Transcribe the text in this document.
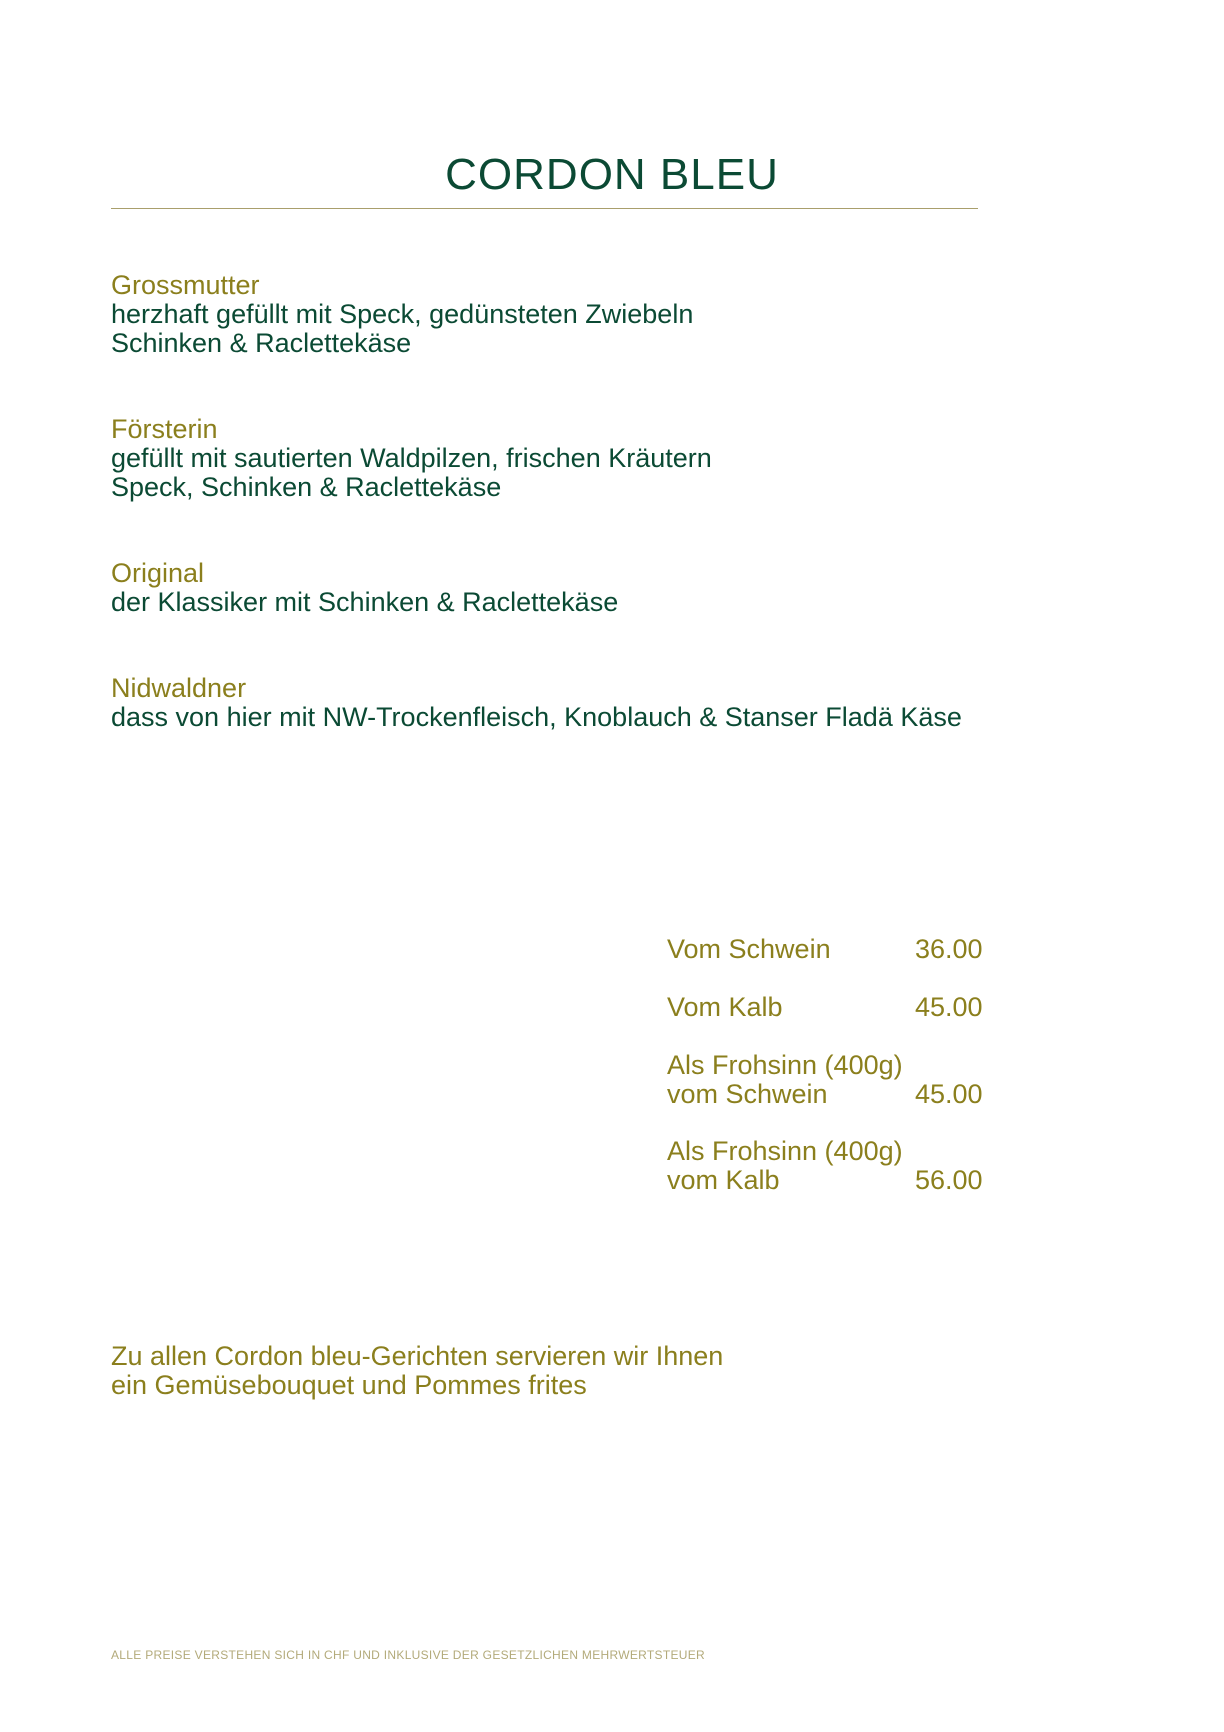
CORDON BLEU
Grossmutter
herzhaft gefüllt mit Speck, gedünsteten Zwiebeln
Schinken & Raclettekäse
Försterin
gefüllt mit sautierten Waldpilzen, frischen Kräutern
Speck, Schinken & Raclettekäse
Original
der Klassiker mit Schinken & Raclettekäse
Nidwaldner
dass von hier mit NW-Trockenfleisch, Knoblauch & Stanser Fladä Käse
Vom Schwein	36.00
Vom Kalb	45.00
Als Frohsinn (400g)
vom Schwein	45.00
Als Frohsinn (400g)
vom Kalb	56.00
Zu allen Cordon bleu-Gerichten servieren wir Ihnen
ein Gemüsebouquet und Pommes frites
ALLE PREISE VERSTEHEN SICH IN CHF UND INKLUSIVE DER GESETZLICHEN MEHRWERTSTEUER
